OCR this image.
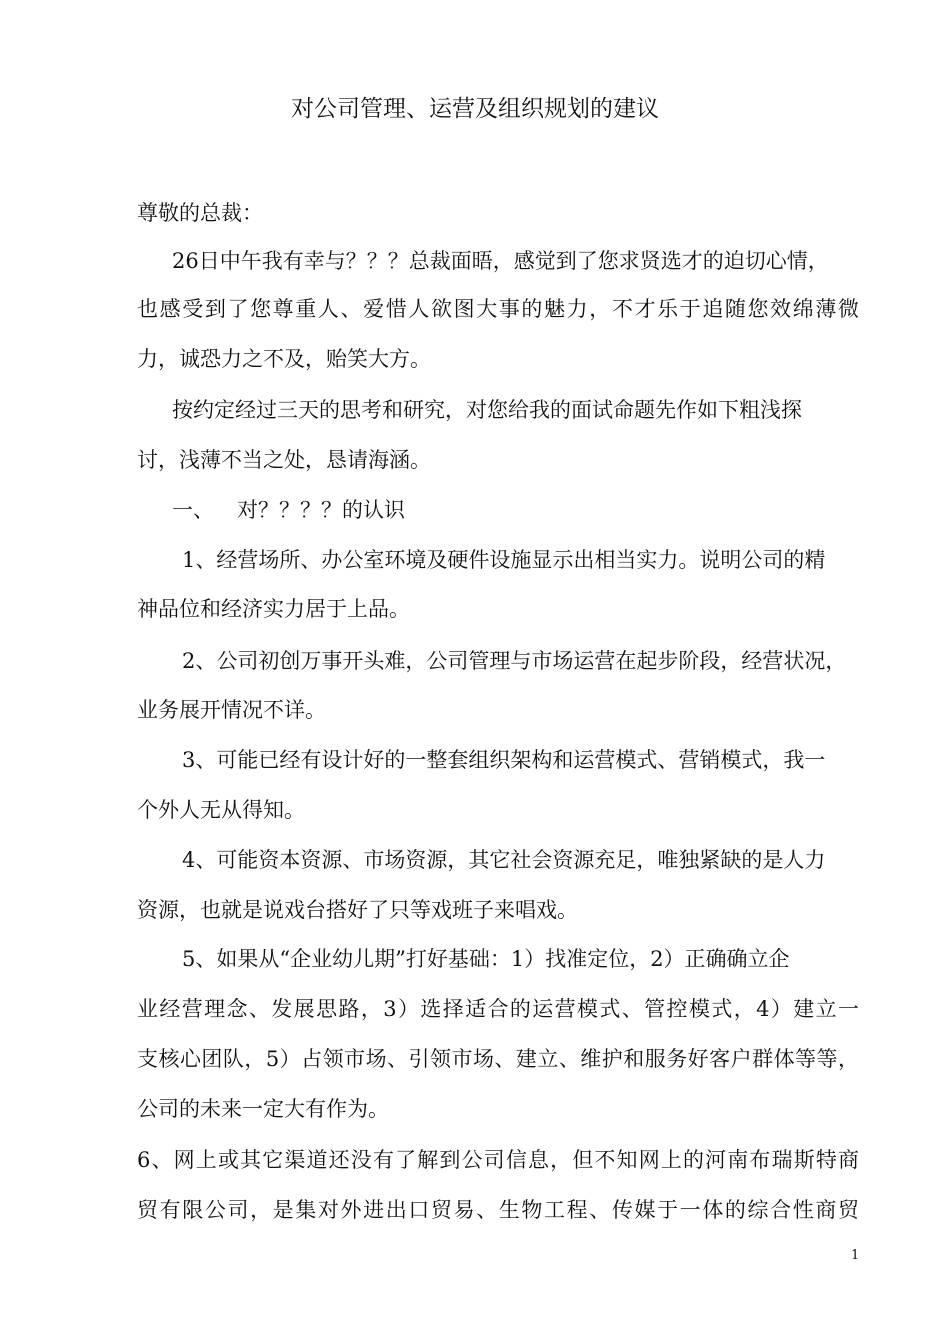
对公司管理、运营及组织规划的建议
尊敬的总裁：
26日中午我有幸与？？？总裁面晤，感觉到了您求贤选才的迫切心情，
也感受到了您尊重人、爱惜人欲图大事的魅力，不才乐于追随您效绵薄微
力，诚恐力之不及，贻笑大方。
按约定经过三天的思考和研究，对您给我的面试命题先作如下粗浅探
讨，浅薄不当之处，恳请海涵。
一、 对？？？？的认识
1、经营场所、办公室环境及硬件设施显示出相当实力。说明公司的精
神品位和经济实力居于上品。
2、公司初创万事开头难，公司管理与市场运营在起步阶段，经营状况，
业务展开情况不详。
3、可能已经有设计好的一整套组织架构和运营模式、营销模式，我一
个外人无从得知。
4、可能资本资源、市场资源，其它社会资源充足，唯独紧缺的是人力
资源，也就是说戏台搭好了只等戏班子来唱戏。
5、如果从“企业幼儿期”打好基础：1）找准定位，2）正确确立企
业经营理念、发展思路，3）选择适合的运营模式、管控模式，4）建立一
支核心团队，5）占领市场、引领市场、建立、维护和服务好客户群体等等，
公司的未来一定大有作为。
6、网上或其它渠道还没有了解到公司信息，但不知网上的河南布瑞斯特商
贸有限公司，是集对外进出口贸易、生物工程、传媒于一体的综合性商贸
1
